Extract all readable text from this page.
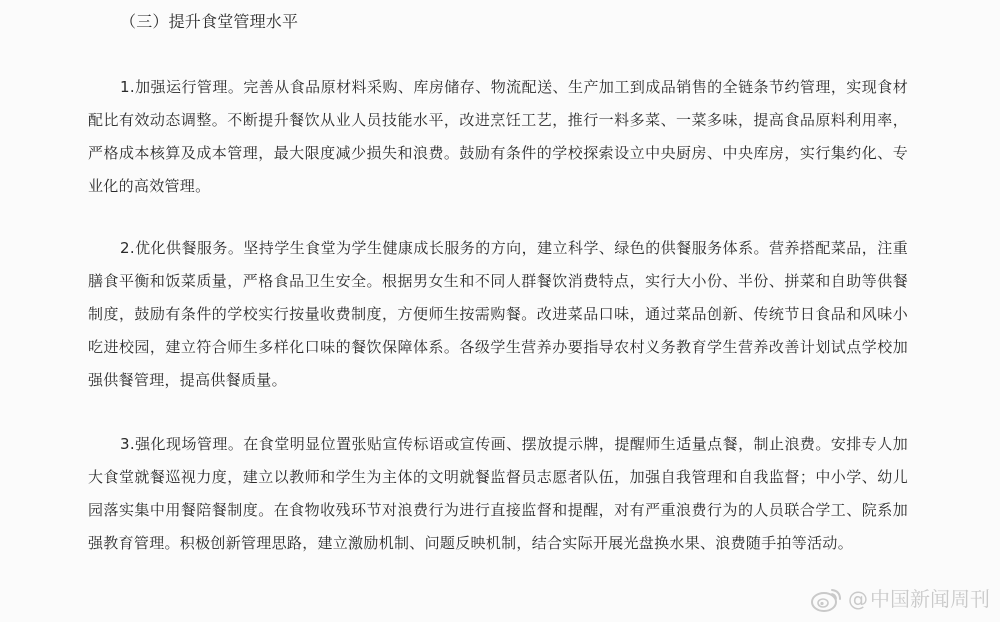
（三）提升食堂管理水平

1.加强运行管理。完善从食品原材料采购、库房储存、物流配送、生产加工到成品销售的全链条节约管理，实现食材配比有效动态调整。不断提升餐饮从业人员技能水平，改进烹饪工艺，推行一料多菜、一菜多味，提高食品原料利用率，严格成本核算及成本管理，最大限度减少损失和浪费。鼓励有条件的学校探索设立中央厨房、中央库房，实行集约化、专业化的高效管理。

2.优化供餐服务。坚持学生食堂为学生健康成长服务的方向，建立科学、绿色的供餐服务体系。营养搭配菜品，注重膳食平衡和饭菜质量，严格食品卫生安全。根据男女生和不同人群餐饮消费特点，实行大小份、半份、拼菜和自助等供餐制度，鼓励有条件的学校实行按量收费制度，方便师生按需购餐。改进菜品口味，通过菜品创新、传统节日食品和风味小吃进校园，建立符合师生多样化口味的餐饮保障体系。各级学生营养办要指导农村义务教育学生营养改善计划试点学校加强供餐管理，提高供餐质量。

3.强化现场管理。在食堂明显位置张贴宣传标语或宣传画、摆放提示牌，提醒师生适量点餐，制止浪费。安排专人加大食堂就餐巡视力度，建立以教师和学生为主体的文明就餐监督员志愿者队伍，加强自我管理和自我监督；中小学、幼儿园落实集中用餐陪餐制度。在食物收残环节对浪费行为进行直接监督和提醒，对有严重浪费行为的人员联合学工、院系加强教育管理。积极创新管理思路，建立激励机制、问题反映机制，结合实际开展光盘换水果、浪费随手拍等活动。

@ 中国新闻周刊
